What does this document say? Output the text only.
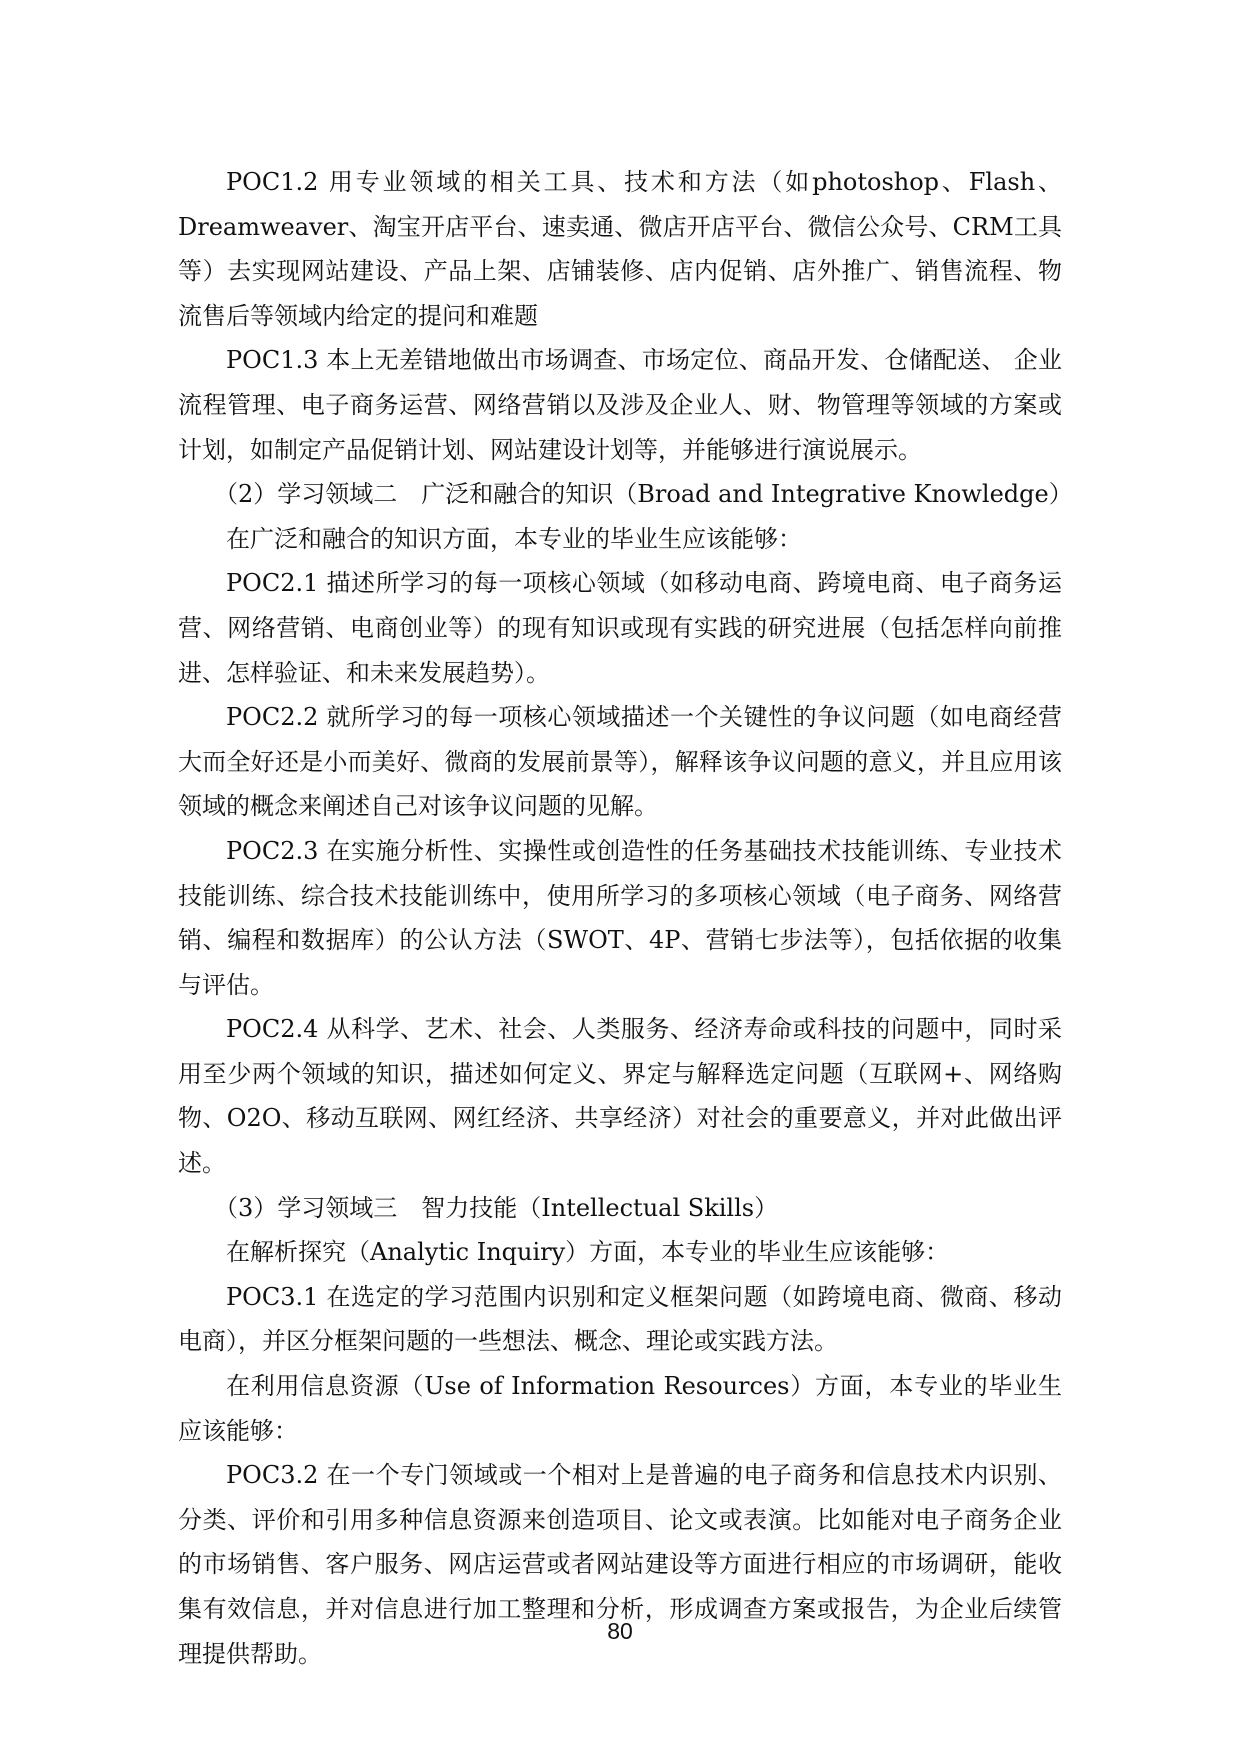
POC1.2 用专业领域的相关工具、技术和方法（如photoshop、Flash、Dreamweaver、淘宝开店平台、速卖通、微店开店平台、微信公众号、CRM工具等）去实现网站建设、产品上架、店铺装修、店内促销、店外推广、销售流程、物流售后等领域内给定的提问和难题

POC1.3 本上无差错地做出市场调查、市场定位、商品开发、仓储配送、 企业流程管理、电子商务运营、网络营销以及涉及企业人、财、物管理等领域的方案或计划，如制定产品促销计划、网站建设计划等，并能够进行演说展示。

（2）学习领域二　广泛和融合的知识（Broad and Integrative Knowledge）

在广泛和融合的知识方面，本专业的毕业生应该能够：

POC2.1 描述所学习的每一项核心领域（如移动电商、跨境电商、电子商务运营、网络营销、电商创业等）的现有知识或现有实践的研究进展（包括怎样向前推进、怎样验证、和未来发展趋势）。

POC2.2 就所学习的每一项核心领域描述一个关键性的争议问题（如电商经营大而全好还是小而美好、微商的发展前景等），解释该争议问题的意义，并且应用该领域的概念来阐述自己对该争议问题的见解。

POC2.3 在实施分析性、实操性或创造性的任务基础技术技能训练、专业技术技能训练、综合技术技能训练中，使用所学习的多项核心领域（电子商务、网络营销、编程和数据库）的公认方法（SWOT、4P、营销七步法等），包括依据的收集与评估。

POC2.4 从科学、艺术、社会、人类服务、经济寿命或科技的问题中，同时采用至少两个领域的知识，描述如何定义、界定与解释选定问题（互联网+、网络购物、O2O、移动互联网、网红经济、共享经济）对社会的重要意义，并对此做出评述。

（3）学习领域三　智力技能（Intellectual Skills）

在解析探究（Analytic Inquiry）方面，本专业的毕业生应该能够：

POC3.1 在选定的学习范围内识别和定义框架问题（如跨境电商、微商、移动电商），并区分框架问题的一些想法、概念、理论或实践方法。

在利用信息资源（Use of Information Resources）方面，本专业的毕业生应该能够：

POC3.2 在一个专门领域或一个相对上是普遍的电子商务和信息技术内识别、分类、评价和引用多种信息资源来创造项目、论文或表演。比如能对电子商务企业的市场销售、客户服务、网店运营或者网站建设等方面进行相应的市场调研，能收集有效信息，并对信息进行加工整理和分析，形成调查方案或报告，为企业后续管理提供帮助。

80
